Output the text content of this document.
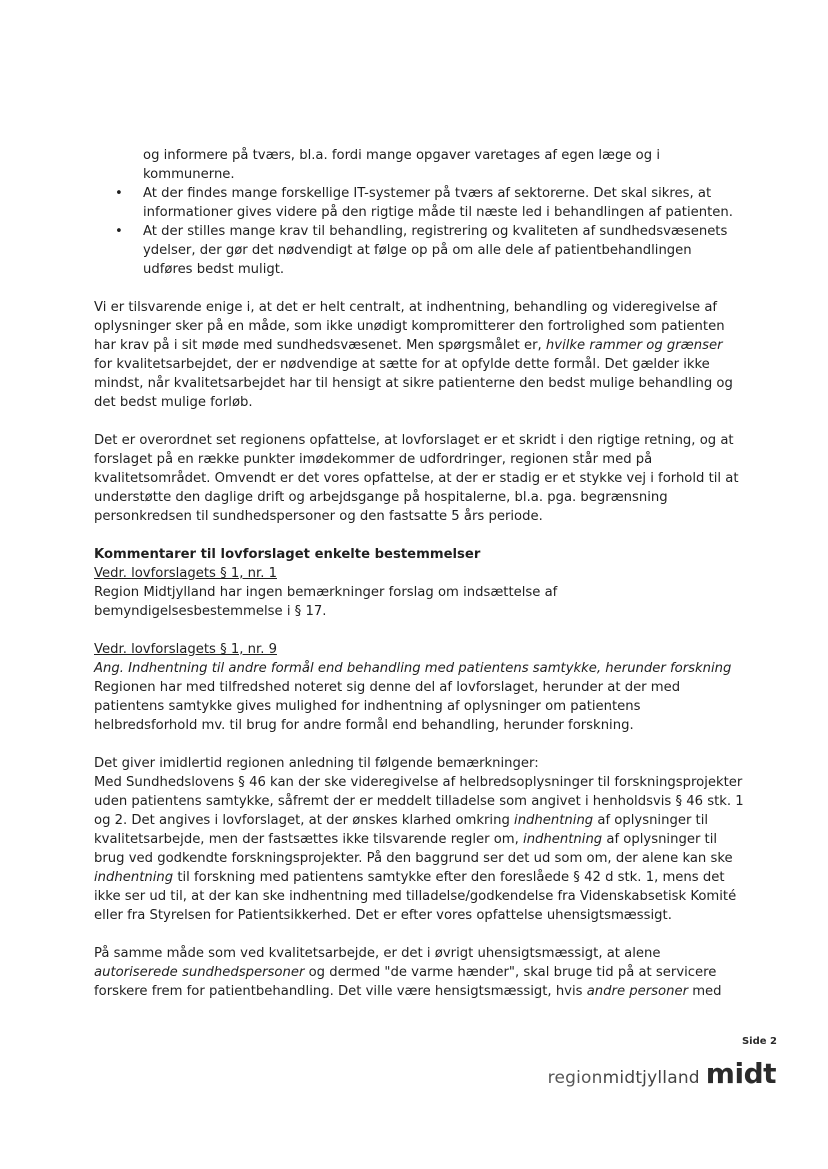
og informere på tværs, bl.a. fordi mange opgaver varetages af egen læge og i kommunerne.

• At der findes mange forskellige IT-systemer på tværs af sektorerne. Det skal sikres, at informationer gives videre på den rigtige måde til næste led i behandlingen af patienten.
• At der stilles mange krav til behandling, registrering og kvaliteten af sundhedsvæsenets ydelser, der gør det nødvendigt at følge op på om alle dele af patientbehandlingen udføres bedst muligt.

Vi er tilsvarende enige i, at det er helt centralt, at indhentning, behandling og videregivelse af oplysninger sker på en måde, som ikke unødigt kompromitterer den fortrolighed som patienten har krav på i sit møde med sundhedsvæsenet. Men spørgsmålet er, hvilke rammer og grænser for kvalitetsarbejdet, der er nødvendige at sætte for at opfylde dette formål. Det gælder ikke mindst, når kvalitetsarbejdet har til hensigt at sikre patienterne den bedst mulige behandling og det bedst mulige forløb.

Det er overordnet set regionens opfattelse, at lovforslaget er et skridt i den rigtige retning, og at forslaget på en række punkter imødekommer de udfordringer, regionen står med på kvalitetsområdet. Omvendt er det vores opfattelse, at der er stadig er et stykke vej i forhold til at understøtte den daglige drift og arbejdsgange på hospitalerne, bl.a. pga. begrænsning personkredsen til sundhedspersoner og den fastsatte 5 års periode.

Kommentarer til lovforslaget enkelte bestemmelser

Vedr. lovforslagets § 1, nr. 1

Region Midtjylland har ingen bemærkninger forslag om indsættelse af bemyndigelsesbestemmelse i § 17.

Vedr. lovforslagets § 1, nr. 9

Ang. Indhentning til andre formål end behandling med patientens samtykke, herunder forskning

Regionen har med tilfredshed noteret sig denne del af lovforslaget, herunder at der med patientens samtykke gives mulighed for indhentning af oplysninger om patientens helbredsforhold mv. til brug for andre formål end behandling, herunder forskning.

Det giver imidlertid regionen anledning til følgende bemærkninger:

Med Sundhedslovens § 46 kan der ske videregivelse af helbredsoplysninger til forskningsprojekter uden patientens samtykke, såfremt der er meddelt tilladelse som angivet i henholdsvis § 46 stk. 1 og 2. Det angives i lovforslaget, at der ønskes klarhed omkring indhentning af oplysninger til kvalitetsarbejde, men der fastsættes ikke tilsvarende regler om, indhentning af oplysninger til brug ved godkendte forskningsprojekter. På den baggrund ser det ud som om, der alene kan ske indhentning til forskning med patientens samtykke efter den foreslåede § 42 d stk. 1, mens det ikke ser ud til, at der kan ske indhentning med tilladelse/godkendelse fra Videnskabsetisk Komité eller fra Styrelsen for Patientsikkerhed. Det er efter vores opfattelse uhensigtsmæssigt.

På samme måde som ved kvalitetsarbejde, er det i øvrigt uhensigtsmæssigt, at alene autoriserede sundhedspersoner og dermed "de varme hænder", skal bruge tid på at servicere forskere frem for patientbehandling. Det ville være hensigtsmæssigt, hvis andre personer med

Side 2
regionmidtjylland midt
